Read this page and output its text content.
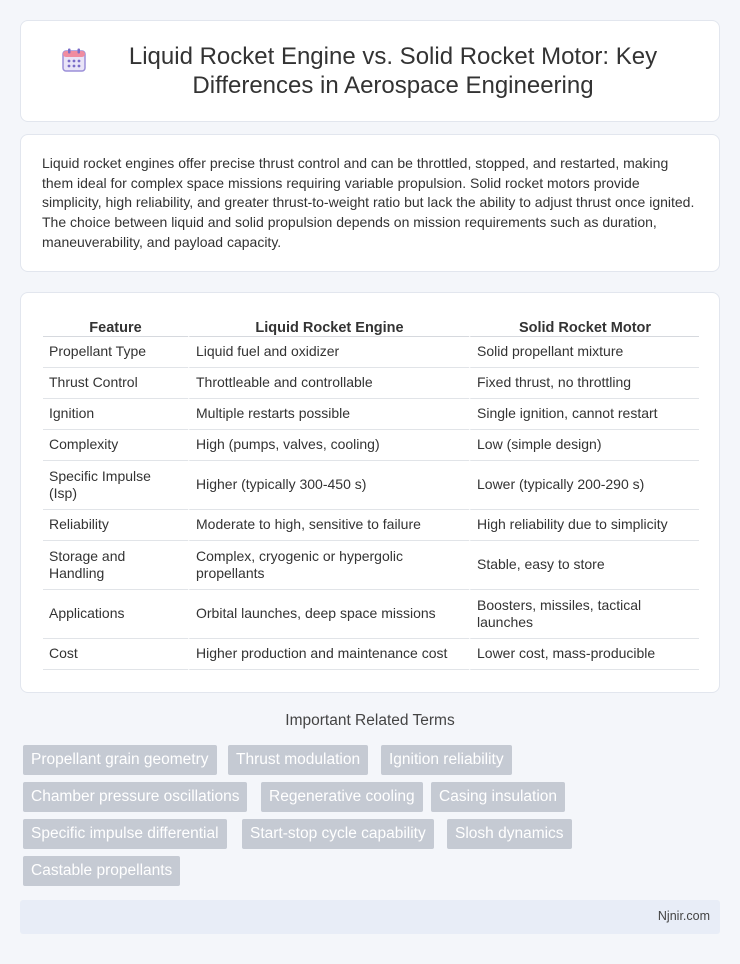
Liquid Rocket Engine vs. Solid Rocket Motor: Key Differences in Aerospace Engineering

Liquid rocket engines offer precise thrust control and can be throttled, stopped, and restarted, making them ideal for complex space missions requiring variable propulsion. Solid rocket motors provide simplicity, high reliability, and greater thrust-to-weight ratio but lack the ability to adjust thrust once ignited. The choice between liquid and solid propulsion depends on mission requirements such as duration, maneuverability, and payload capacity.

Feature	Liquid Rocket Engine	Solid Rocket Motor
Propellant Type	Liquid fuel and oxidizer	Solid propellant mixture
Thrust Control	Throttleable and controllable	Fixed thrust, no throttling
Ignition	Multiple restarts possible	Single ignition, cannot restart
Complexity	High (pumps, valves, cooling)	Low (simple design)
Specific Impulse (Isp)	Higher (typically 300-450 s)	Lower (typically 200-290 s)
Reliability	Moderate to high, sensitive to failure	High reliability due to simplicity
Storage and Handling	Complex, cryogenic or hypergolic propellants	Stable, easy to store
Applications	Orbital launches, deep space missions	Boosters, missiles, tactical launches
Cost	Higher production and maintenance cost	Lower cost, mass-producible
Important Related Terms
Propellant grain geometry	Thrust modulation	Ignition reliability
Chamber pressure oscillations	Regenerative cooling	Casing insulation
Specific impulse differential	Start-stop cycle capability	Slosh dynamics
Castable propellants
Njnir.com
